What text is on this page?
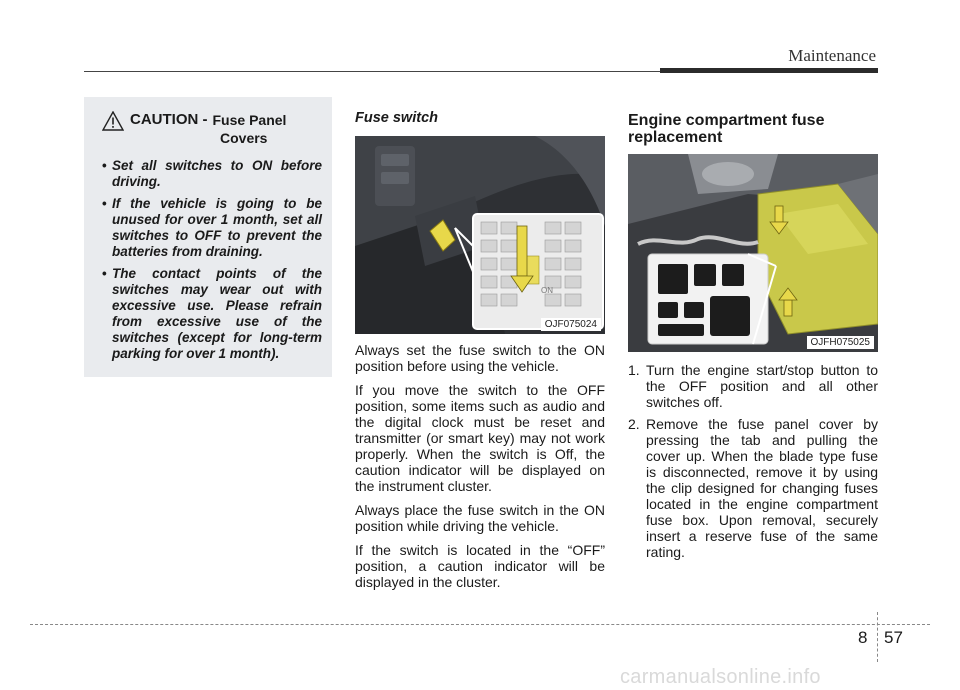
Maintenance
CAUTION - Fuse Panel
Covers
• Set all switches to ON before driving.
• If the vehicle is going to be unused for over 1 month, set all switches to OFF to prevent the batteries from draining.
• The contact points of the switches may wear out with excessive use. Please refrain from excessive use of the switches (except for long-term parking for over 1 month).
Fuse switch
ON
OJF075024

Always set the fuse switch to the ON position before using the vehicle.

If you move the switch to the OFF position, some items such as audio and the digital clock must be reset and transmitter (or smart key) may not work properly. When the switch is Off, the caution indicator will be displayed on the instrument cluster.

Always place the fuse switch in the ON position while driving the vehicle.

If the switch is located in the “OFF” position, a caution indicator will be displayed in the cluster.

Engine compartment fuse replacement
OJFH075025
1. Turn the engine start/stop button to the OFF position and all other switches off.
2. Remove the fuse panel cover by pressing the tab and pulling the cover up. When the blade type fuse is disconnected, remove it by using the clip designed for changing fuses located in the engine compartment fuse box. Upon removal, securely insert a reserve fuse of the same rating.
8 57
carmanualsonline.info
